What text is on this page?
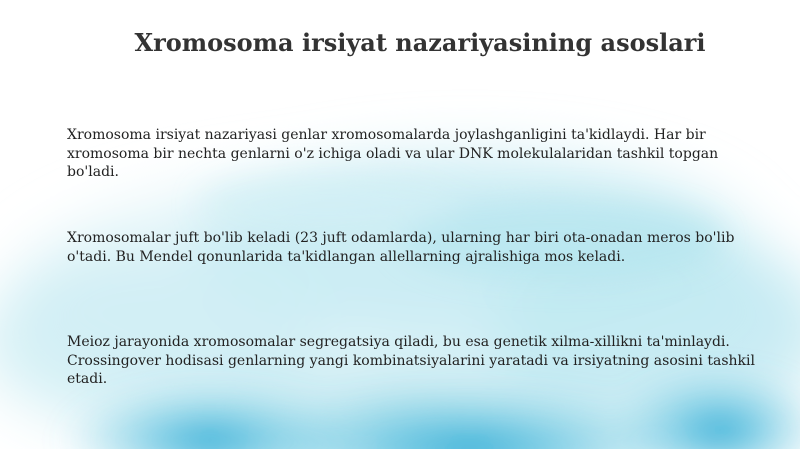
Xromosoma irsiyat nazariyasining asoslari

Xromosoma irsiyat nazariyasi genlar xromosomalarda joylashganligini ta'kidlaydi. Har bir xromosoma bir nechta genlarni o'z ichiga oladi va ular DNK molekulalaridan tashkil topgan bo'ladi.

Xromosomalar juft bo'lib keladi (23 juft odamlarda), ularning har biri ota-onadan meros bo'lib o'tadi. Bu Mendel qonunlarida ta'kidlangan allellarning ajralishiga mos keladi.

Meioz jarayonida xromosomalar segregatsiya qiladi, bu esa genetik xilma-xillikni ta'minlaydi. Crossingover hodisasi genlarning yangi kombinatsiyalarini yaratadi va irsiyatning asosini tashkil etadi.
